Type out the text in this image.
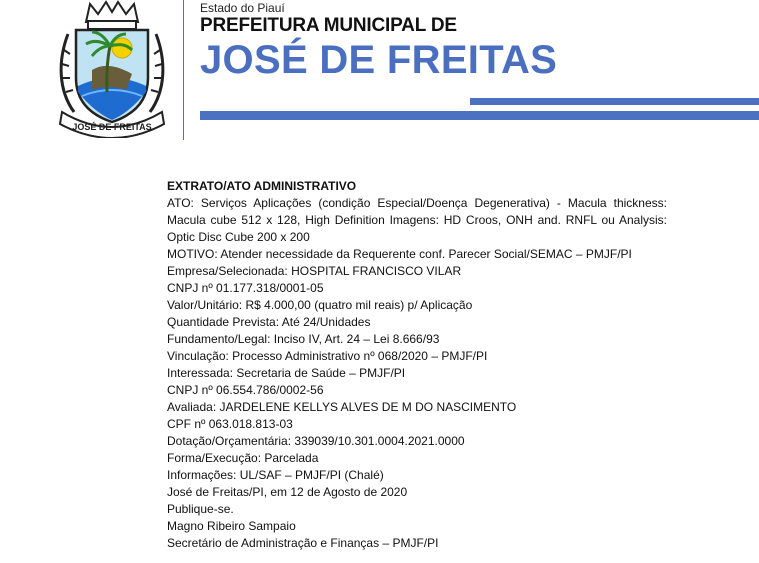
JOSÉ DE FREITAS
Estado do Piauí
PREFEITURA MUNICIPAL DE
JOSÉ DE FREITAS
EXTRATO/ATO ADMINISTRATIVO
ATO: Serviços Aplicações (condição Especial/Doença Degenerativa) - Macula thickness: Macula cube 512 x 128, High Definition Imagens: HD Croos, ONH and. RNFL ou Analysis: Optic Disc Cube 200 x 200
MOTIVO: Atender necessidade da Requerente conf. Parecer Social/SEMAC – PMJF/PI
Empresa/Selecionada: HOSPITAL FRANCISCO VILAR
CNPJ nº 01.177.318/0001-05
Valor/Unitário: R$ 4.000,00 (quatro mil reais) p/ Aplicação
Quantidade Prevista: Até 24/Unidades
Fundamento/Legal: Inciso IV, Art. 24 – Lei 8.666/93
Vinculação: Processo Administrativo nº 068/2020 – PMJF/PI
Interessada: Secretaria de Saúde – PMJF/PI
CNPJ nº 06.554.786/0002-56
Avaliada: JARDELENE KELLYS ALVES DE M DO NASCIMENTO
CPF nº 063.018.813-03
Dotação/Orçamentária: 339039/10.301.0004.2021.0000
Forma/Execução: Parcelada
Informações: UL/SAF – PMJF/PI (Chalé)
José de Freitas/PI, em 12 de Agosto de 2020
Publique-se.
Magno Ribeiro Sampaio
Secretário de Administração e Finanças – PMJF/PI
